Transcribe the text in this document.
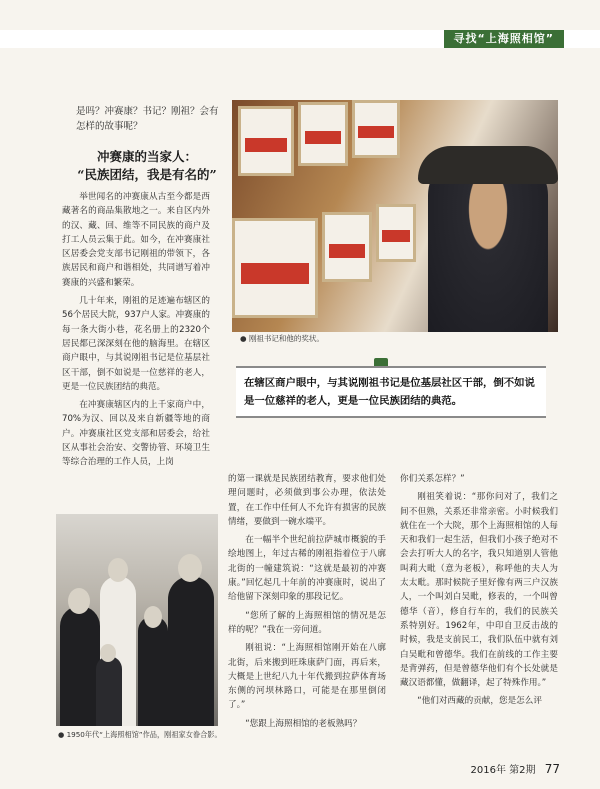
寻找“上海照相馆”
是吗？冲赛康？书记？刚祖？会有怎样的故事呢？
冲赛康的当家人：
“民族团结，我是有名的”

举世闻名的冲赛康从古至今都是西藏著名的商品集散地之一。来自区内外的汉、藏、回、维等不同民族的商户及打工人员云集于此。如今，在冲赛康社区居委会党支部书记刚祖的带领下，各族居民和商户和谐相处，共同谱写着冲赛康的兴盛和繁荣。

几十年来，刚祖的足迹遍布辖区的56个居民大院，937户人家。冲赛康的每一条大街小巷，花名册上的2320个居民都已深深刻在他的脑海里。在辖区商户眼中，与其说刚祖书记是位基层社区干部，倒不如说是一位慈祥的老人，更是一位民族团结的典范。

在冲赛康辖区内的上千家商户中，70%为汉、回以及来自新疆等地的商户。冲赛康社区党支部和居委会，给社区从事社会治安、交警协管、环境卫生等综合治理的工作人员，上岗

● 刚祖书记和他的奖状。
在辖区商户眼中，与其说刚祖书记是位基层社区干部，倒不如说是一位慈祥的老人，更是一位民族团结的典范。
● 1950年代“上海照相馆”作品，刚祖家女眷合影。

的第一课就是民族团结教育，要求他们处理问题时，必须做到事公办理，依法处置，在工作中任何人不允许有损害的民族情绪，要做到一碗水端平。

在一幅半个世纪前拉萨城市概貌的手绘地图上，年过古稀的刚祖指着位于八廓北街的一幢建筑说：“这就是最初的冲赛康。”回忆起几十年前的冲赛康时，说出了给他留下深刻印象的那段记忆。

“您所了解的上海照相馆的情况是怎样的呢？”我在一旁问道。

刚祖说：“上海照相馆刚开始在八廓北街，后来搬到旺珠康萨门面，再后来，大概是上世纪八九十年代搬到拉萨体育场东侧的河坝林路口，可能是在那里倒闭了。”

“您跟上海照相馆的老板熟吗？

你们关系怎样？”

刚祖笑着说：“那你问对了，我们之间不但熟，关系还非常亲密。小时候我们就住在一个大院，那个上海照相馆的人每天和我们一起生活，但我们小孩子绝对不会去打听大人的名字，我只知道别人管他叫莉大毗（意为老板），称呼他的夫人为太太毗。那时候院子里好像有两三户汉族人，一个叫刘白吴毗，修表的，一个叫曾德华（音），修自行车的，我们的民族关系特别好。1962年，中印自卫反击战的时候，我是支前民工，我们队伍中就有刘白吴毗和曾德华。我们在前线的工作主要是背弹药，但是曾德华他们有个长处就是藏汉语都懂，做翻译，起了特殊作用。”

“他们对西藏的贡献，您是怎么评

2016年 第2期 77
